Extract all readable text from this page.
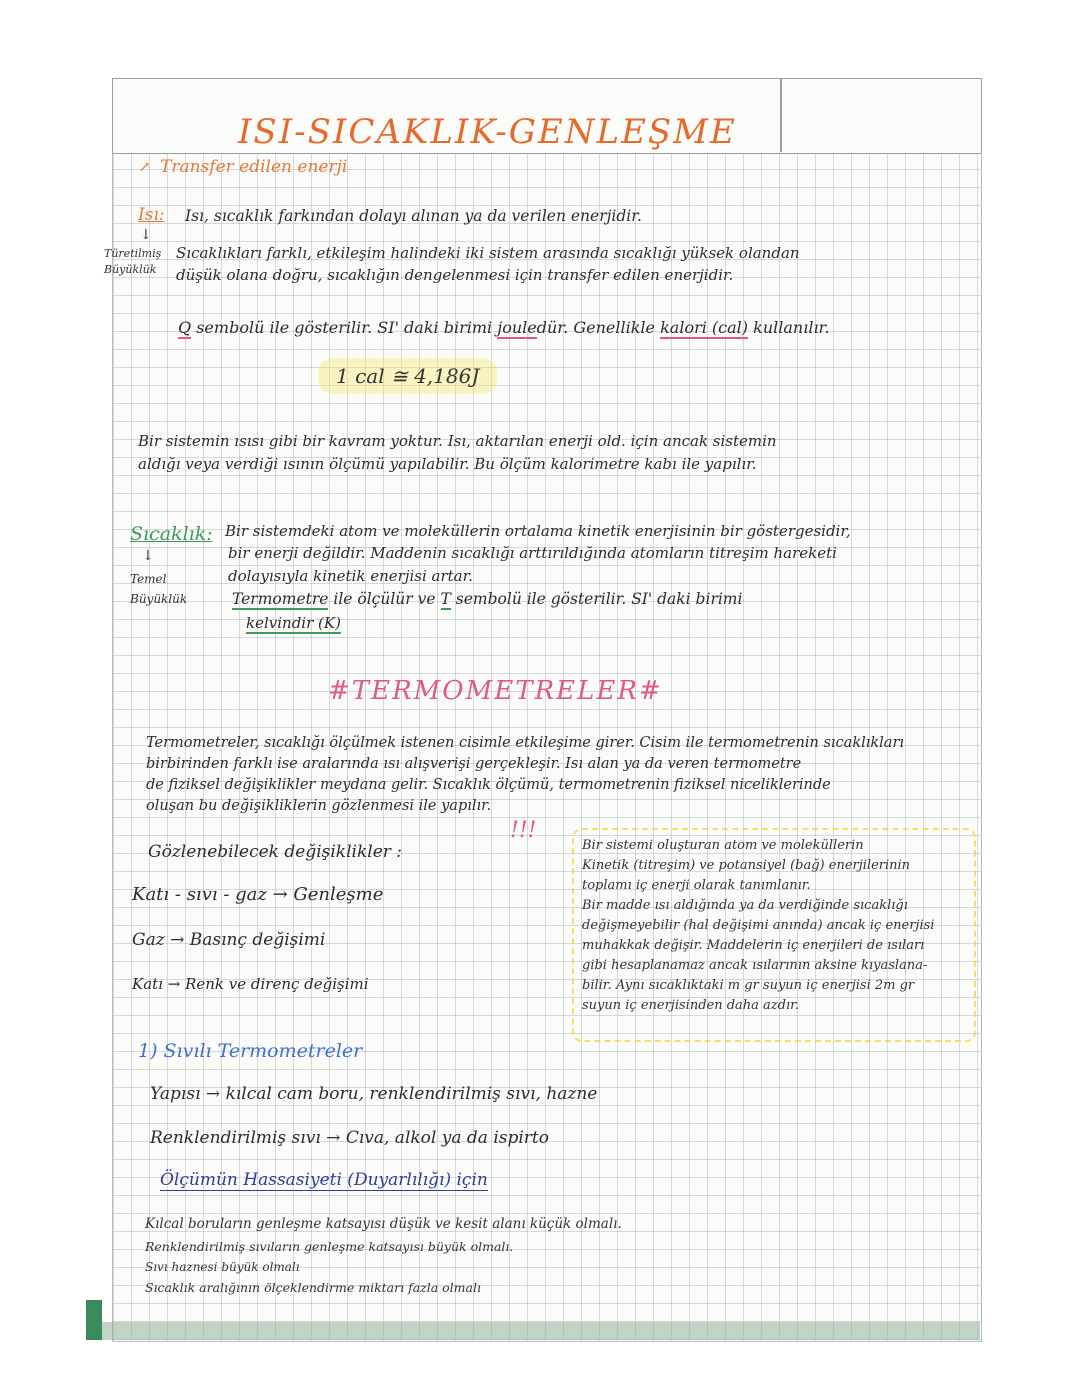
ISI-SICAKLIK-GENLEŞME
↗ Transfer edilen enerji
Isı: Isı, sıcaklık farkından dolayı alınan ya da verilen enerjidir.
↓
Türetilmiş
Büyüklük
Sıcaklıkları farklı, etkileşim halindeki iki sistem arasında sıcaklığı yüksek olandan
düşük olana doğru, sıcaklığın dengelenmesi için transfer edilen enerjidir.
Q sembolü ile gösterilir. SI' daki birimi jouledür. Genellikle kalori (cal) kullanılır.
1 cal ≅ 4,186J
Bir sistemin ısısı gibi bir kavram yoktur. Isı, aktarılan enerji old. için ancak sistemin
aldığı veya verdiği ısının ölçümü yapılabilir. Bu ölçüm kalorimetre kabı ile yapılır.
Sıcaklık: Bir sistemdeki atom ve moleküllerin ortalama kinetik enerjisinin bir göstergesidir,
↓
Temel
Büyüklük
bir enerji değildir. Maddenin sıcaklığı arttırıldığında atomların titreşim hareketi
dolayısıyla kinetik enerjisi artar.
Termometre ile ölçülür ve T sembolü ile gösterilir. SI' daki birimi
kelvindir (K)
#TERMOMETRELER#
Termometreler, sıcaklığı ölçülmek istenen cisimle etkileşime girer. Cisim ile termometrenin sıcaklıkları
birbirinden farklı ise aralarında ısı alışverişi gerçekleşir. Isı alan ya da veren termometre
de fiziksel değişiklikler meydana gelir. Sıcaklık ölçümü, termometrenin fiziksel niceliklerinde
oluşan bu değişikliklerin gözlenmesi ile yapılır.
!!!
Gözlenebilecek değişiklikler :
Katı - sıvı - gaz → Genleşme
Gaz → Basınç değişimi
Katı → Renk ve direnç değişimi
Bir sistemi oluşturan atom ve moleküllerin
Kinetik (titreşim) ve potansiyel (bağ) enerjilerinin
toplamı iç enerji olarak tanımlanır.
Bir madde ısı aldığında ya da verdiğinde sıcaklığı
değişmeyebilir (hal değişimi anında) ancak iç enerjisi
muhakkak değişir. Maddelerin iç enerjileri de ısıları
gibi hesaplanamaz ancak ısılarının aksine kıyaslana-
bilir. Aynı sıcaklıktaki m gr suyun iç enerjisi 2m gr
suyun iç enerjisinden daha azdır.
1) Sıvılı Termometreler
Yapısı → kılcal cam boru, renklendirilmiş sıvı, hazne
Renklendirilmiş sıvı → Cıva, alkol ya da ispirto
Ölçümün Hassasiyeti (Duyarlılığı) için
Kılcal boruların genleşme katsayısı düşük ve kesit alanı küçük olmalı.
Renklendirilmiş sıvıların genleşme katsayısı büyük olmalı.
Sıvı haznesi büyük olmalı
Sıcaklık aralığının ölçeklendirme miktarı fazla olmalı
